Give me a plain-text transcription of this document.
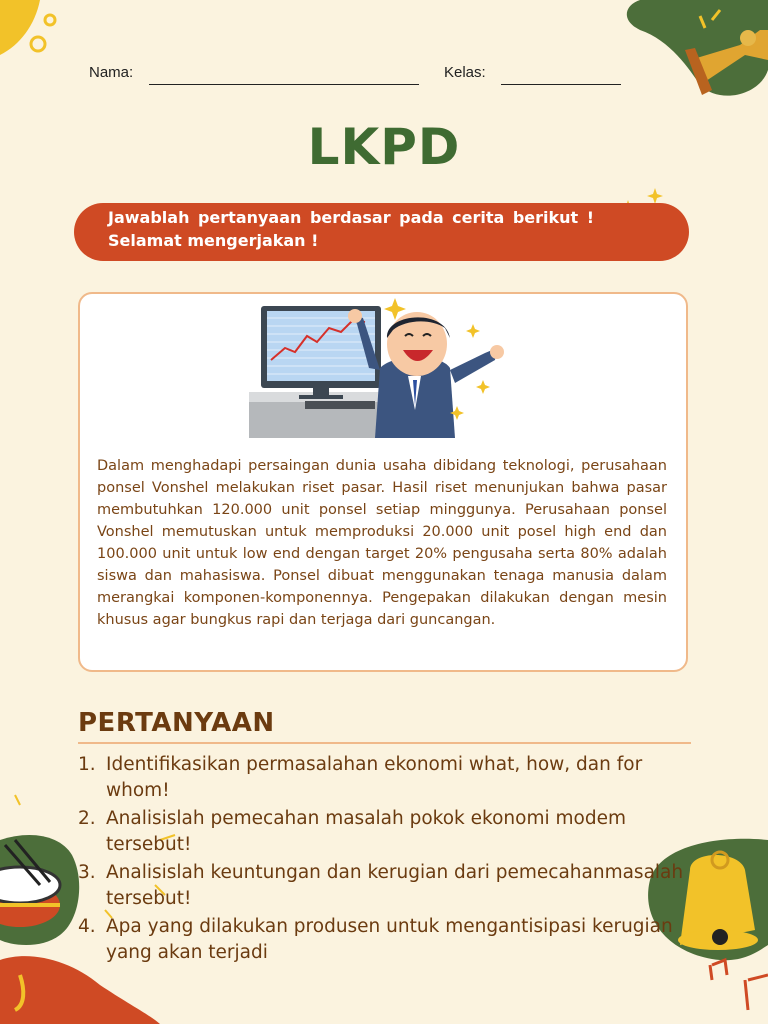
Nama:	Kelas:
LKPD
Jawablah pertanyaan berdasar pada cerita berikut ! Selamat mengerjakan !
Dalam menghadapi persaingan dunia usaha dibidang teknologi, perusahaan ponsel Vonshel melakukan riset pasar. Hasil riset menunjukan bahwa pasar membutuhkan 120.000 unit ponsel setiap minggunya. Perusahaan ponsel Vonshel memutuskan untuk memproduksi 20.000 unit posel high end dan 100.000 unit untuk low end dengan target 20% pengusaha serta 80% adalah siswa dan mahasiswa. Ponsel dibuat menggunakan tenaga manusia dalam merangkai komponen-komponennya. Pengepakan dilakukan dengan mesin khusus agar bungkus rapi dan terjaga dari guncangan.
PERTANYAAN
1. Identifikasikan permasalahan ekonomi what, how, dan for whom!
2. Analisislah pemecahan masalah pokok ekonomi modem tersebut!
3. Analisislah keuntungan dan kerugian dari pemecahanmasalah tersebut!
4. Apa yang dilakukan produsen untuk mengantisipasi kerugian yang akan terjadi
